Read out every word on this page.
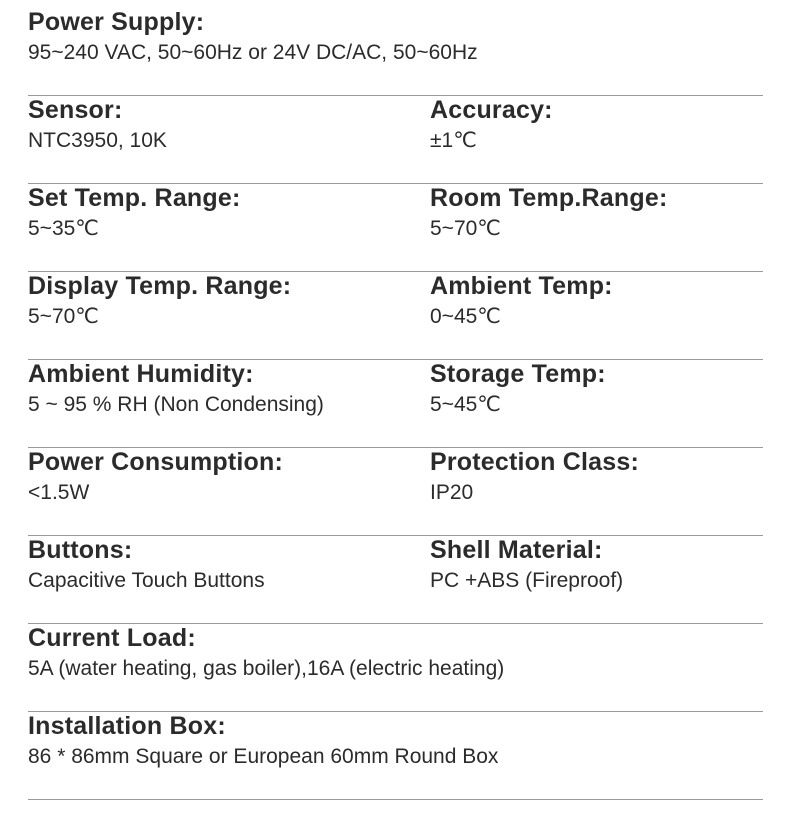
Power Supply:
95~240 VAC, 50~60Hz or 24V DC/AC, 50~60Hz
Sensor:
NTC3950, 10K
Accuracy:
±1℃
Set Temp. Range:
5~35℃
Room Temp.Range:
5~70℃
Display Temp. Range:
5~70℃
Ambient Temp:
0~45℃
Ambient Humidity:
5 ~ 95 % RH (Non Condensing)
Storage Temp:
5~45℃
Power Consumption:
<1.5W
Protection Class:
IP20
Buttons:
Capacitive Touch Buttons
Shell Material:
PC +ABS (Fireproof)
Current Load:
5A (water heating, gas boiler),16A (electric heating)
Installation Box:
86 * 86mm Square or European 60mm Round Box
